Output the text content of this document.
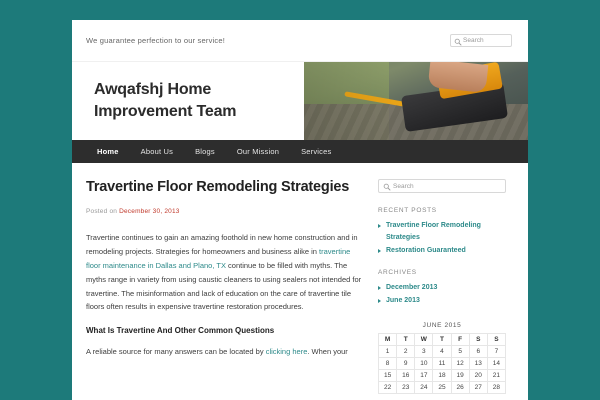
We guarantee perfection to our service!	Search
Awqafshj Home Improvement Team
Home	About Us	Blogs	Our Mission	Services
Travertine Floor Remodeling Strategies
Posted on December 30, 2013

Travertine continues to gain an amazing foothold in new home construction and in remodeling projects. Strategies for homeowners and business alike in travertine floor maintenance in Dallas and Plano, TX continue to be filled with myths. The myths range in variety from using caustic cleaners to using sealers not intended for travertine. The misinformation and lack of education on the care of travertine tile floors often results in expensive travertine restoration procedures.

What Is Travertine And Other Common Questions

A reliable source for many answers can be located by clicking here. When your

Search
RECENT POSTS
Travertine Floor Remodeling Strategies
Restoration Guaranteed
ARCHIVES
December 2013
June 2013
JUNE 2015
M	T	W	T	F	S	S
1	2	3	4	5	6	7
8	9	10	11	12	13	14
15	16	17	18	19	20	21
22	23	24	25	26	27	28
